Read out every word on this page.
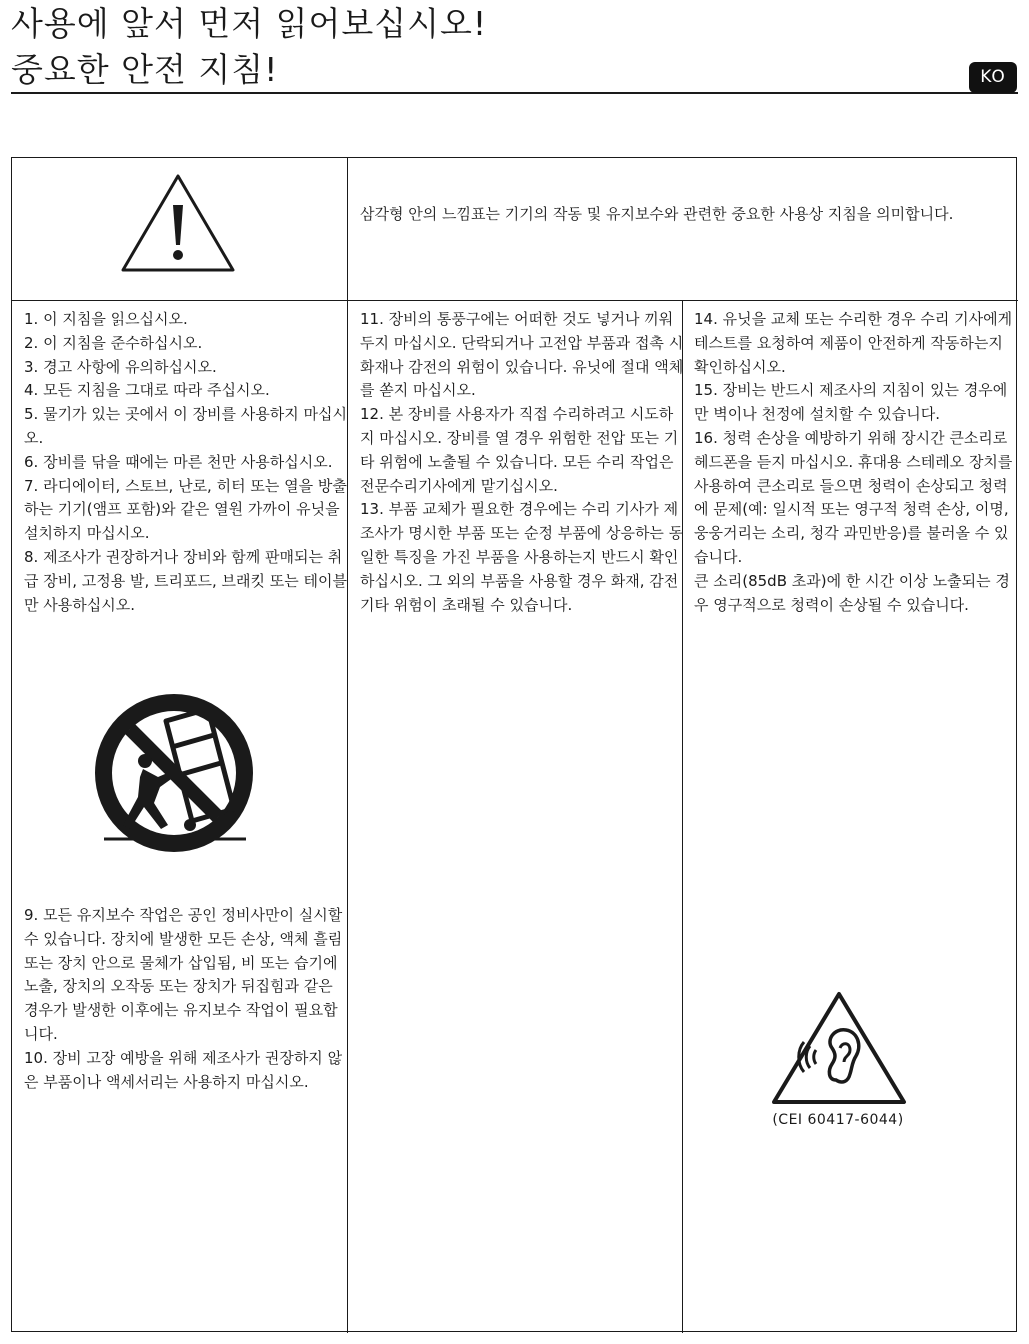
사용에 앞서 먼저 읽어보십시오!
중요한 안전 지침!	KO
삼각형 안의 느낌표는 기기의 작동 및 유지보수와 관련한 중요한 사용상 지침을 의미합니다.
1. 이 지침을 읽으십시오.
2. 이 지침을 준수하십시오.
3. 경고 사항에 유의하십시오.
4. 모든 지침을 그대로 따라 주십시오.
5. 물기가 있는 곳에서 이 장비를 사용하지 마십시오.
6. 장비를 닦을 때에는 마른 천만 사용하십시오.
7. 라디에이터, 스토브, 난로, 히터 또는 열을 방출하는 기기(앰프 포함)와 같은 열원 가까이 유닛을 설치하지 마십시오.
8. 제조사가 권장하거나 장비와 함께 판매되는 취급 장비, 고정용 발, 트리포드, 브래킷 또는 테이블만 사용하십시오.
9. 모든 유지보수 작업은 공인 정비사만이 실시할 수 있습니다. 장치에 발생한 모든 손상, 액체 흘림 또는 장치 안으로 물체가 삽입됨, 비 또는 습기에 노출, 장치의 오작동 또는 장치가 뒤집힘과 같은 경우가 발생한 이후에는 유지보수 작업이 필요합니다.
10. 장비 고장 예방을 위해 제조사가 권장하지 않은 부품이나 액세서리는 사용하지 마십시오.
11. 장비의 통풍구에는 어떠한 것도 넣거나 끼워두지 마십시오. 단락되거나 고전압 부품과 접촉 시 화재나 감전의 위험이 있습니다. 유닛에 절대 액체를 쏟지 마십시오.
12. 본 장비를 사용자가 직접 수리하려고 시도하지 마십시오. 장비를 열 경우 위험한 전압 또는 기타 위험에 노출될 수 있습니다. 모든 수리 작업은 전문수리기사에게 맡기십시오.
13. 부품 교체가 필요한 경우에는 수리 기사가 제조사가 명시한 부품 또는 순정 부품에 상응하는 동일한 특징을 가진 부품을 사용하는지 반드시 확인하십시오. 그 외의 부품을 사용할 경우 화재, 감전 기타 위험이 초래될 수 있습니다.
14. 유닛을 교체 또는 수리한 경우 수리 기사에게 테스트를 요청하여 제품이 안전하게 작동하는지 확인하십시오.
15. 장비는 반드시 제조사의 지침이 있는 경우에만 벽이나 천정에 설치할 수 있습니다.
16. 청력 손상을 예방하기 위해 장시간 큰소리로 헤드폰을 듣지 마십시오. 휴대용 스테레오 장치를 사용하여 큰소리로 들으면 청력이 손상되고 청력에 문제(예: 일시적 또는 영구적 청력 손상, 이명, 웅웅거리는 소리, 청각 과민반응)를 불러올 수 있습니다.
큰 소리(85dB 초과)에 한 시간 이상 노출되는 경우 영구적으로 청력이 손상될 수 있습니다.
(CEI 60417-6044)
